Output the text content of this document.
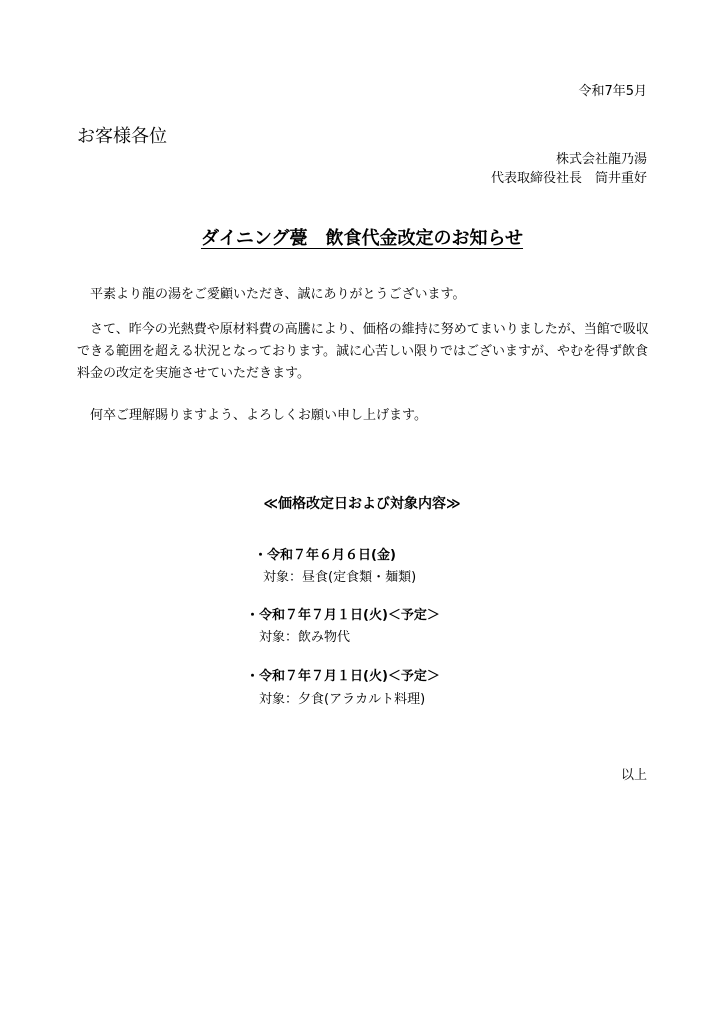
令和7年5月
お客様各位
株式会社龍乃湯
代表取締役社長　筒井重好
ダイニング甍　飲食代金改定のお知らせ

平素より龍の湯をご愛顧いただき、誠にありがとうございます。

さて、昨今の光熱費や原材料費の高騰により、価格の維持に努めてまいりましたが、当館で吸収できる範囲を超える状況となっております。誠に心苦しい限りではございますが、やむを得ず飲食料金の改定を実施させていただきます。

何卒ご理解賜りますよう、よろしくお願い申し上げます。

≪価格改定日および対象内容≫
・令和７年６月６日(金)
対象：昼食(定食類・麺類)
・令和７年７月１日(火)＜予定＞
対象：飲み物代
・令和７年７月１日(火)＜予定＞
対象：夕食(アラカルト料理)
以上
